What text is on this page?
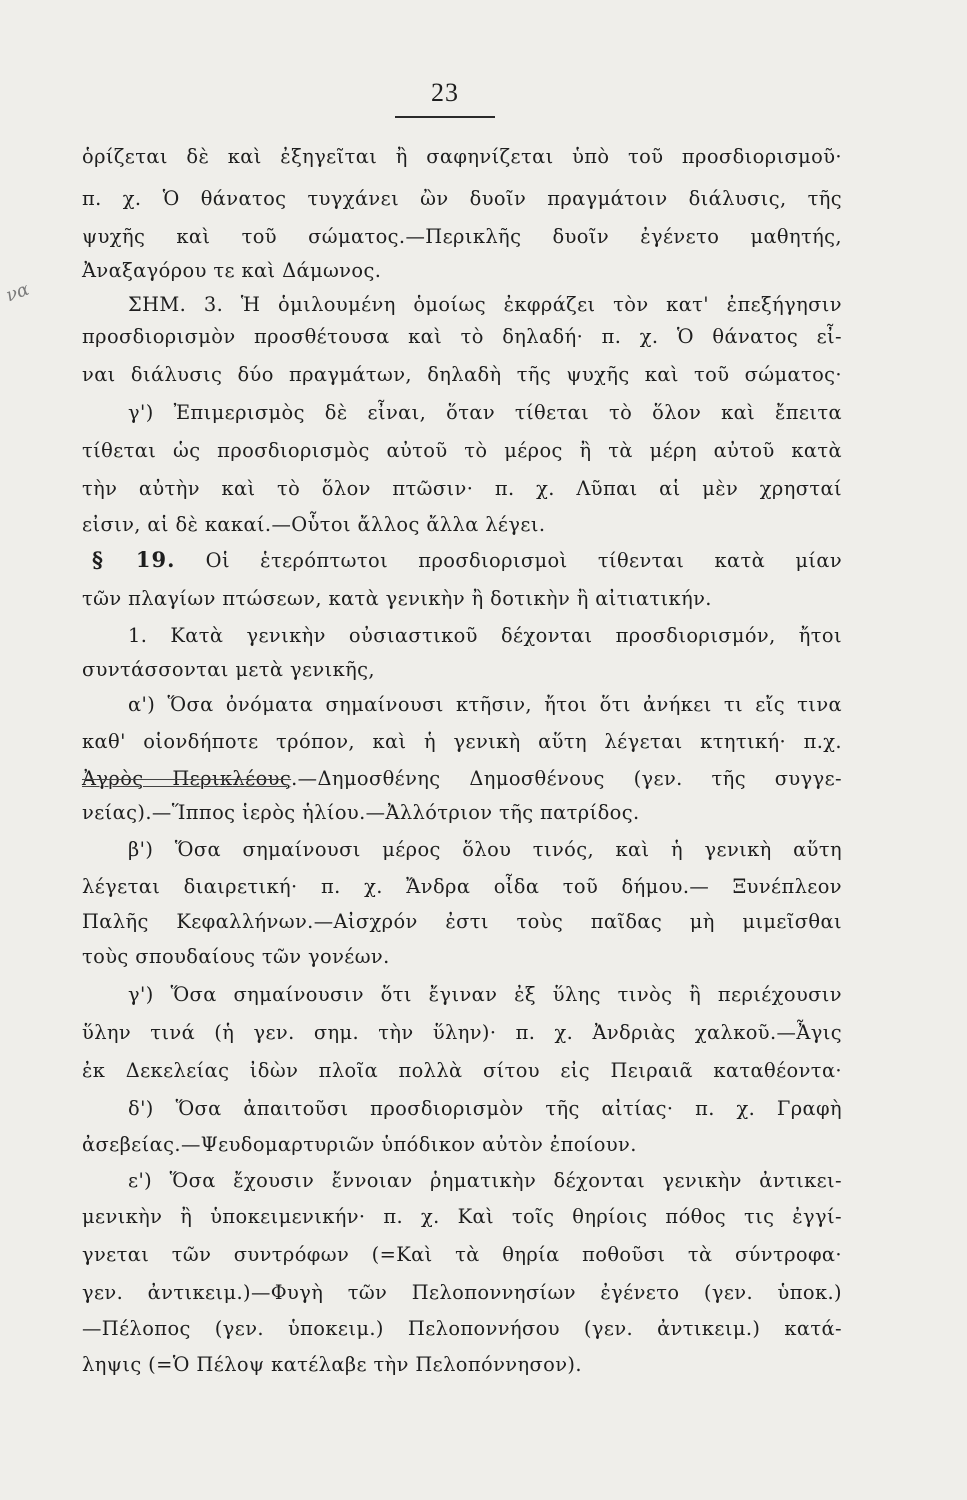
23
να
ὁρίζεται δὲ καὶ ἐξηγεῖται ἢ σαφηνίζεται ὑπὸ τοῦ προσδιορισμοῦ·
π. χ. Ὁ θάνατος τυγχάνει ὢν δυοῖν πραγμάτοιν διάλυσις, τῆς
ψυχῆς καὶ τοῦ σώματος.—Περικλῆς δυοῖν ἐγένετο μαθητής,
Ἀναξαγόρου τε καὶ Δάμωνος.
ΣΗΜ. 3. Ἡ ὁμιλουμένη ὁμοίως ἐκφράζει τὸν κατ' ἐπεξήγησιν
προσδιορισμὸν προσθέτουσα καὶ τὸ δηλαδή· π. χ. Ὁ θάνατος εἶ-
ναι διάλυσις δύο πραγμάτων, δηλαδὴ τῆς ψυχῆς καὶ τοῦ σώματος·
γ') Ἐπιμερισμὸς δὲ εἶναι, ὅταν τίθεται τὸ ὅλον καὶ ἔπειτα
τίθεται ὡς προσδιορισμὸς αὐτοῦ τὸ μέρος ἢ τὰ μέρη αὐτοῦ κατὰ
τὴν αὐτὴν καὶ τὸ ὅλον πτῶσιν· π. χ. Λῦπαι αἱ μὲν χρησταί
εἰσιν, αἱ δὲ κακαί.—Οὗτοι ἄλλος ἄλλα λέγει.
§ 19. Οἱ ἑτερόπτωτοι προσδιορισμοὶ τίθενται κατὰ μίαν
τῶν πλαγίων πτώσεων, κατὰ γενικὴν ἢ δοτικὴν ἢ αἰτιατικήν.
1. Κατὰ γενικὴν οὐσιαστικοῦ δέχονται προσδιορισμόν, ἤτοι
συντάσσονται μετὰ γενικῆς,
α') Ὅσα ὀνόματα σημαίνουσι κτῆσιν, ἤτοι ὅτι ἀνήκει τι εἴς τινα
καθ' οἱονδήποτε τρόπον, καὶ ἡ γενικὴ αὕτη λέγεται κτητική· π.χ.
Ἀγρὸς Περικλέους.—Δημοσθένης Δημοσθένους (γεν. τῆς συγγε-
νείας).—Ἵππος ἱερὸς ἡλίου.—Ἀλλότριον τῆς πατρίδος.
β') Ὅσα σημαίνουσι μέρος ὅλου τινός, καὶ ἡ γενικὴ αὕτη
λέγεται διαιρετική· π. χ. Ἄνδρα οἶδα τοῦ δήμου.— Ξυνέπλεον
Παλῆς Κεφαλλήνων.—Αἰσχρόν ἐστι τοὺς παῖδας μὴ μιμεῖσθαι
τοὺς σπουδαίους τῶν γονέων.
γ') Ὅσα σημαίνουσιν ὅτι ἔγιναν ἐξ ὕλης τινὸς ἢ περιέχουσιν
ὕλην τινά (ἡ γεν. σημ. τὴν ὕλην)· π. χ. Ἀνδριὰς χαλκοῦ.—Ἆγις
ἐκ Δεκελείας ἰδὼν πλοῖα πολλὰ σίτου εἰς Πειραιᾶ καταθέοντα·
δ') Ὅσα ἀπαιτοῦσι προσδιορισμὸν τῆς αἰτίας· π. χ. Γραφὴ
ἀσεβείας.—Ψευδομαρτυριῶν ὑπόδικον αὐτὸν ἐποίουν.
ε') Ὅσα ἔχουσιν ἔννοιαν ῥηματικὴν δέχονται γενικὴν ἀντικει-
μενικὴν ἢ ὑποκειμενικήν· π. χ. Καὶ τοῖς θηρίοις πόθος τις ἐγγί-
γνεται τῶν συντρόφων (=Καὶ τὰ θηρία ποθοῦσι τὰ σύντροφα·
γεν. ἀντικειμ.)—Φυγὴ τῶν Πελοποννησίων ἐγένετο (γεν. ὑποκ.)
—Πέλοπος (γεν. ὑποκειμ.) Πελοποννήσου (γεν. ἀντικειμ.) κατά-
ληψις (=Ὁ Πέλοψ κατέλαβε τὴν Πελοπόννησον).
